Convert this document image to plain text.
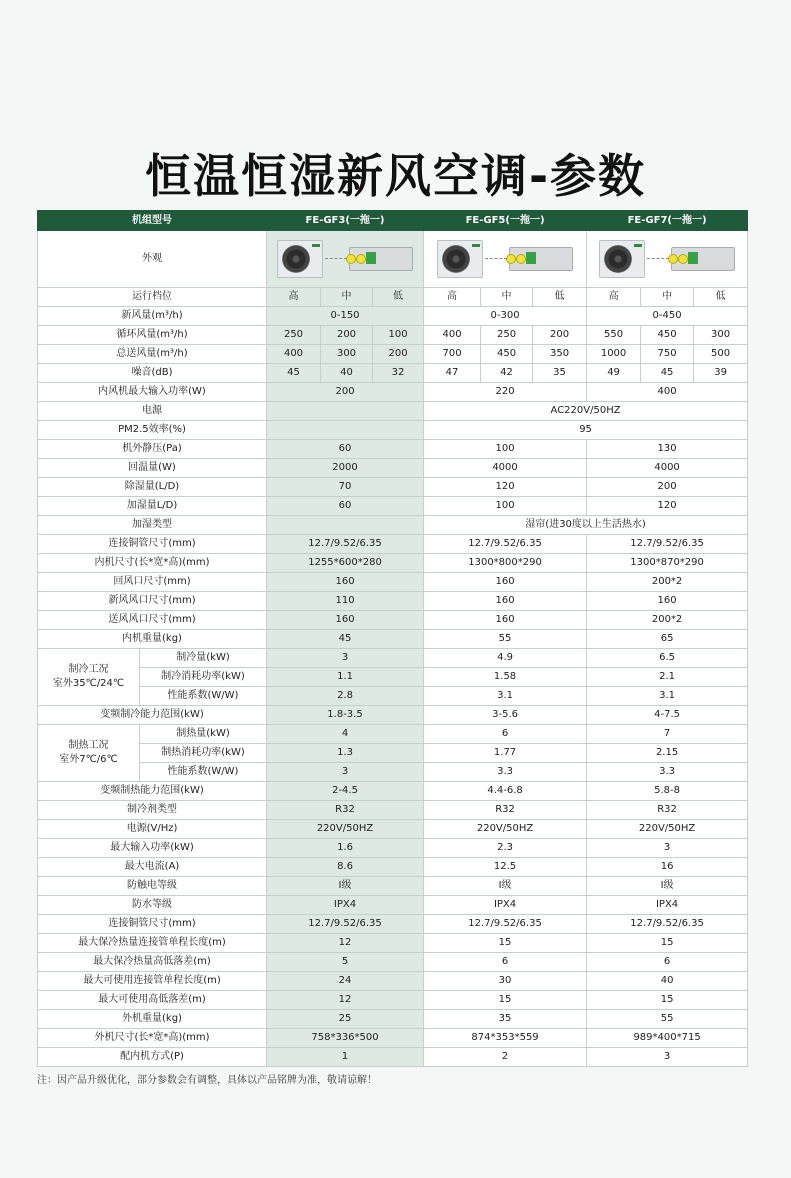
恒温恒湿新风空调-参数
机组型号		FE-GF3(一拖一)			FE-GF5(一拖一)			FE-GF7(一拖一)		
外观								

运行档位		高	中	低	高	中	低	高	中	低
新风量(m³/h)		0-150			0-300			0-450		
循环风量(m³/h)		250	200	100	400	250	200	550	450	300
总送风量(m³/h)		400	300	200	700	450	350	1000	750	500
噪音(dB)		45	40	32	47	42	35	49	45	39
内风机最大输入功率(W)		200			220			400		
电源					AC220V/50HZ					
PM2.5效率(%)					95					
机外静压(Pa)		60			100			130		
回温量(W)		2000			4000			4000		
除湿量(L/D)		70			120			200		
加湿量L/D)		60			100			120		
加湿类型					湿帘(进30度以上生活热水)					
连接铜管尺寸(mm)		12.7/9.52/6.35			12.7/9.52/6.35			12.7/9.52/6.35		
内机尺寸(长*宽*高)(mm)		1255*600*280			1300*800*290			1300*870*290		
回风口尺寸(mm)		160			160			200*2		
新风风口尺寸(mm)		110			160			160		
送风风口尺寸(mm)		160			160			200*2		
内机重量(kg)		45			55			65		
制冷工况
室外35℃/24℃	制冷量(kW)	3			4.9			6.5		
	制冷消耗功率(kW)	1.1			1.58			2.1		
	性能系数(W/W)	2.8			3.1			3.1		
变频制冷能力范围(kW)		1.8-3.5			3-5.6			4-7.5		
制热工况
室外7℃/6℃	制热量(kW)	4			6			7		
	制热消耗功率(kW)	1.3			1.77			2.15		
	性能系数(W/W)	3			3.3			3.3		
变频制热能力范围(kW)		2-4.5			4.4-6.8			5.8-8		
制冷剂类型		R32			R32			R32		
电源(V/Hz)		220V/50HZ			220V/50HZ			220V/50HZ		
最大输入功率(kW)		1.6			2.3			3		
最大电流(A)		8.6			12.5			16		
防触电等级		I级			I级			I级		
防水等级		IPX4			IPX4			IPX4		
连接铜管尺寸(mm)		12.7/9.52/6.35			12.7/9.52/6.35			12.7/9.52/6.35		
最大保冷热量连接管单程长度(m)		12			15			15		
最大保冷热量高低落差(m)		5			6			6		
最大可使用连接管单程长度(m)		24			30			40		
最大可使用高低落差(m)		12			15			15		
外机重量(kg)		25			35			55		
外机尺寸(长*宽*高)(mm)		758*336*500			874*353*559			989*400*715		
配内机方式(P)		1			2			3		
注：因产品升级优化，部分参数会有调整，具体以产品铭牌为准，敬请谅解！
